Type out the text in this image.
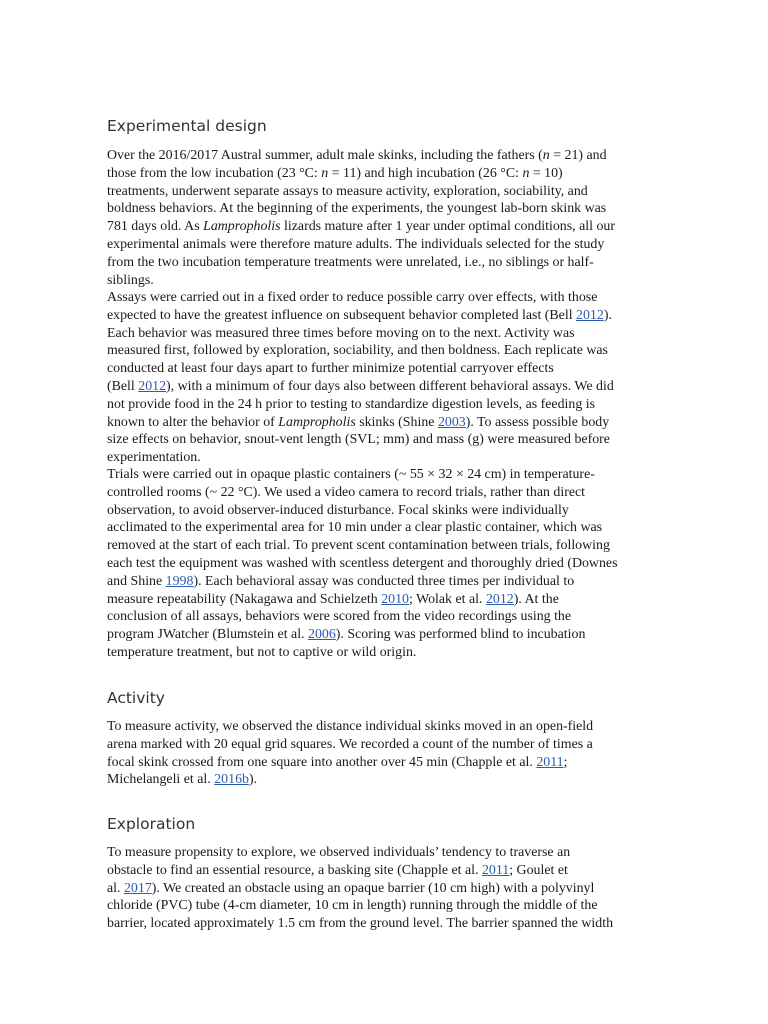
Experimental design

Over the 2016/2017 Austral summer, adult male skinks, including the fathers (n = 21) and
those from the low incubation (23 °C: n = 11) and high incubation (26 °C: n = 10)
treatments, underwent separate assays to measure activity, exploration, sociability, and
boldness behaviors. At the beginning of the experiments, the youngest lab-born skink was
781 days old. As Lampropholis lizards mature after 1 year under optimal conditions, all our
experimental animals were therefore mature adults. The individuals selected for the study
from the two incubation temperature treatments were unrelated, i.e., no siblings or half-
siblings.

Assays were carried out in a fixed order to reduce possible carry over effects, with those
expected to have the greatest influence on subsequent behavior completed last (Bell 2012).
Each behavior was measured three times before moving on to the next. Activity was
measured first, followed by exploration, sociability, and then boldness. Each replicate was
conducted at least four days apart to further minimize potential carryover effects
(Bell 2012), with a minimum of four days also between different behavioral assays. We did
not provide food in the 24 h prior to testing to standardize digestion levels, as feeding is
known to alter the behavior of Lampropholis skinks (Shine 2003). To assess possible body
size effects on behavior, snout-vent length (SVL; mm) and mass (g) were measured before
experimentation.

Trials were carried out in opaque plastic containers (~ 55 × 32 × 24 cm) in temperature-
controlled rooms (~ 22 °C). We used a video camera to record trials, rather than direct
observation, to avoid observer-induced disturbance. Focal skinks were individually
acclimated to the experimental area for 10 min under a clear plastic container, which was
removed at the start of each trial. To prevent scent contamination between trials, following
each test the equipment was washed with scentless detergent and thoroughly dried (Downes
and Shine 1998). Each behavioral assay was conducted three times per individual to
measure repeatability (Nakagawa and Schielzeth 2010; Wolak et al. 2012). At the
conclusion of all assays, behaviors were scored from the video recordings using the
program JWatcher (Blumstein et al. 2006). Scoring was performed blind to incubation
temperature treatment, but not to captive or wild origin.

Activity

To measure activity, we observed the distance individual skinks moved in an open-field
arena marked with 20 equal grid squares. We recorded a count of the number of times a
focal skink crossed from one square into another over 45 min (Chapple et al. 2011;
Michelangeli et al. 2016b).

Exploration

To measure propensity to explore, we observed individuals’ tendency to traverse an
obstacle to find an essential resource, a basking site (Chapple et al. 2011; Goulet et
al. 2017). We created an obstacle using an opaque barrier (10 cm high) with a polyvinyl
chloride (PVC) tube (4-cm diameter, 10 cm in length) running through the middle of the
barrier, located approximately 1.5 cm from the ground level. The barrier spanned the width
